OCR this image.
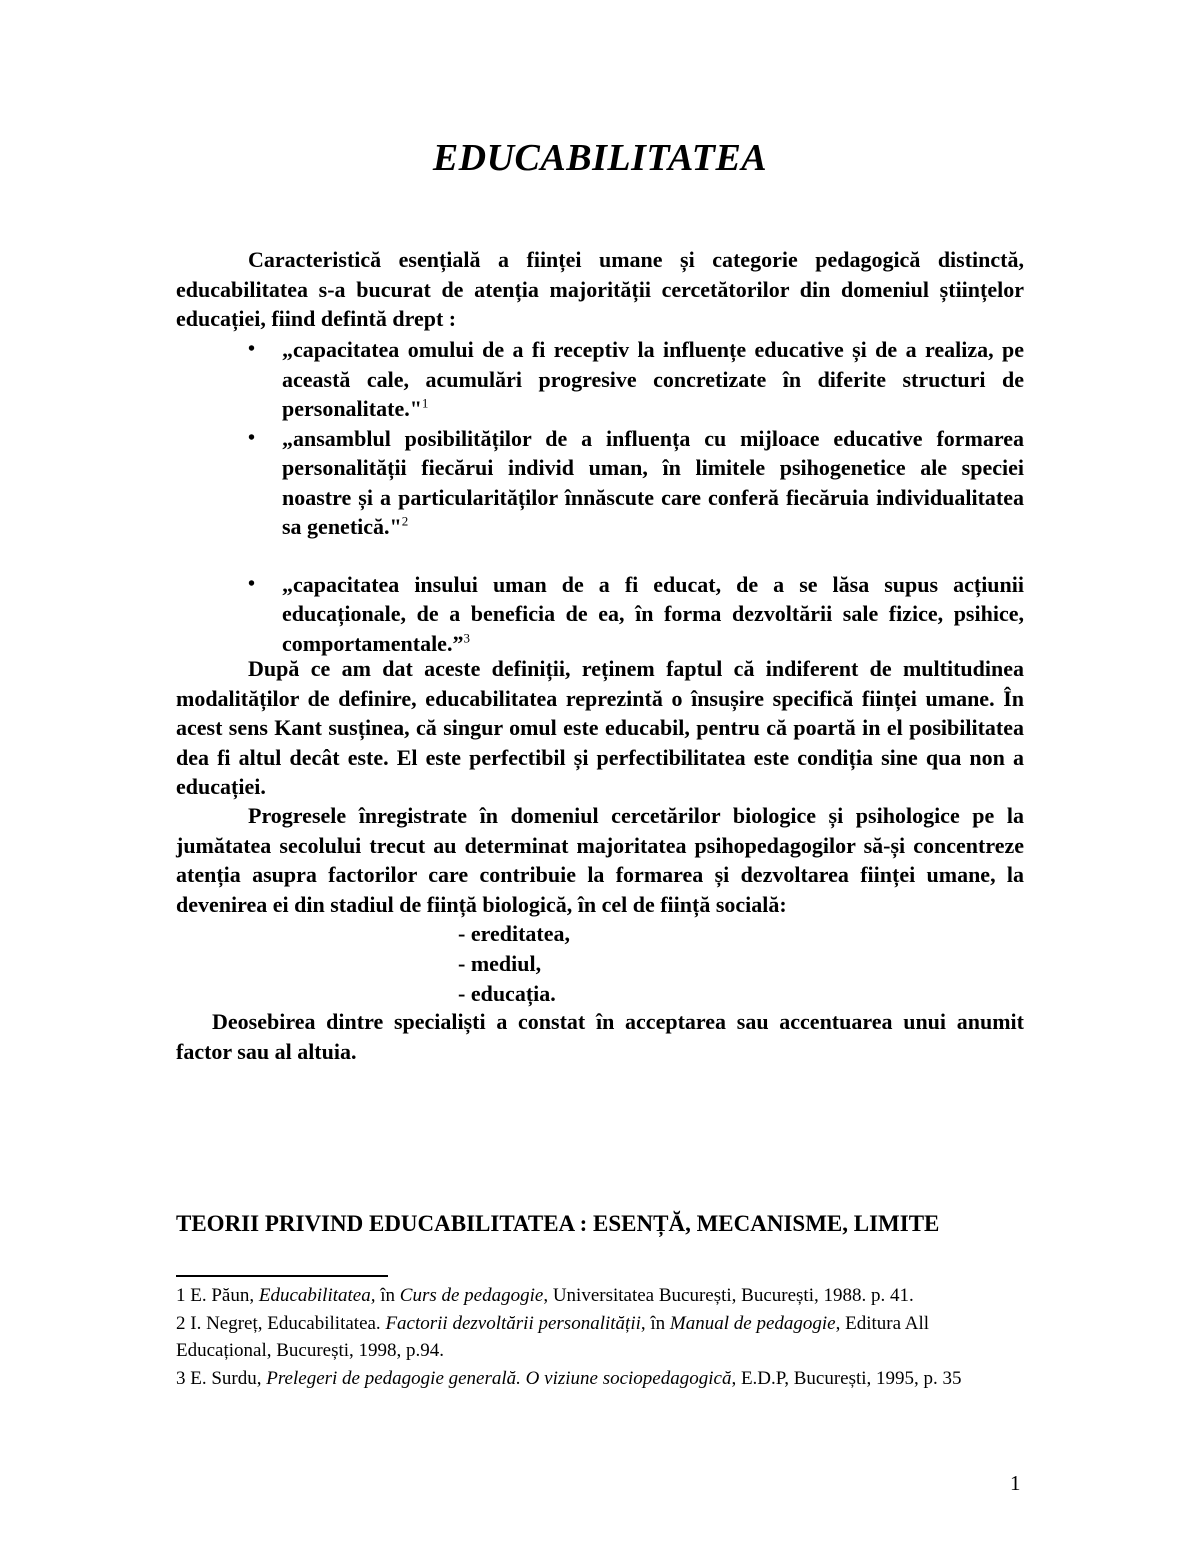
EDUCABILITATEA

Caracteristică esențială a ființei umane și categorie pedagogică distinctă, educabilitatea s-a bucurat de atenția majorității cercetătorilor din domeniul științelor educației, fiind defintă drept :

• „capacitatea omului de a fi receptiv la influențe educative și de a realiza, pe această cale, acumulări progresive concretizate în diferite structuri de personalitate."$^1$
• „ansamblul posibilităților de a influența cu mijloace educative formarea personalității fiecărui individ uman, în limitele psihogenetice ale speciei noastre și a particularităților înnăscute care conferă fiecăruia individualitatea sa genetică."$^2$
• „capacitatea insului uman de a fi educat, de a se lăsa supus acțiunii educaționale, de a beneficia de ea, în forma dezvoltării sale fizice, psihice, comportamentale.”$^3$

După ce am dat aceste definiții, reținem faptul că indiferent de multitudinea modalităților de definire, educabilitatea reprezintă o însușire specifică ființei umane. În acest sens Kant susținea, că singur omul este educabil, pentru că poartă in el posibilitatea dea fi altul decât este. El este perfectibil și perfectibilitatea este condiția sine qua non a educației.

Progresele înregistrate în domeniul cercetărilor biologice și psihologice pe la jumătatea secolului trecut au determinat majoritatea psihopedagogilor să-și concentreze atenția asupra factorilor care contribuie la formarea și dezvoltarea ființei umane, la devenirea ei din stadiul de ființă biologică, în cel de ființă socială:

- ereditatea,
- mediul,
- educația.

Deosebirea dintre specialiști a constat în acceptarea sau accentuarea unui anumit factor sau al altuia.

TEORII PRIVIND EDUCABILITATEA : ESENȚĂ, MECANISME, LIMITE
1 E. Păun, Educabilitatea, în Curs de pedagogie, Universitatea București, București, 1988. p. 41.
2 I. Negreț, Educabilitatea. Factorii dezvoltării personalității, în Manual de pedagogie, Editura All Educațional, București, 1998, p.94.
3 E. Surdu, Prelegeri de pedagogie generală. O viziune sociopedagogică, E.D.P, București, 1995, p. 35

1
